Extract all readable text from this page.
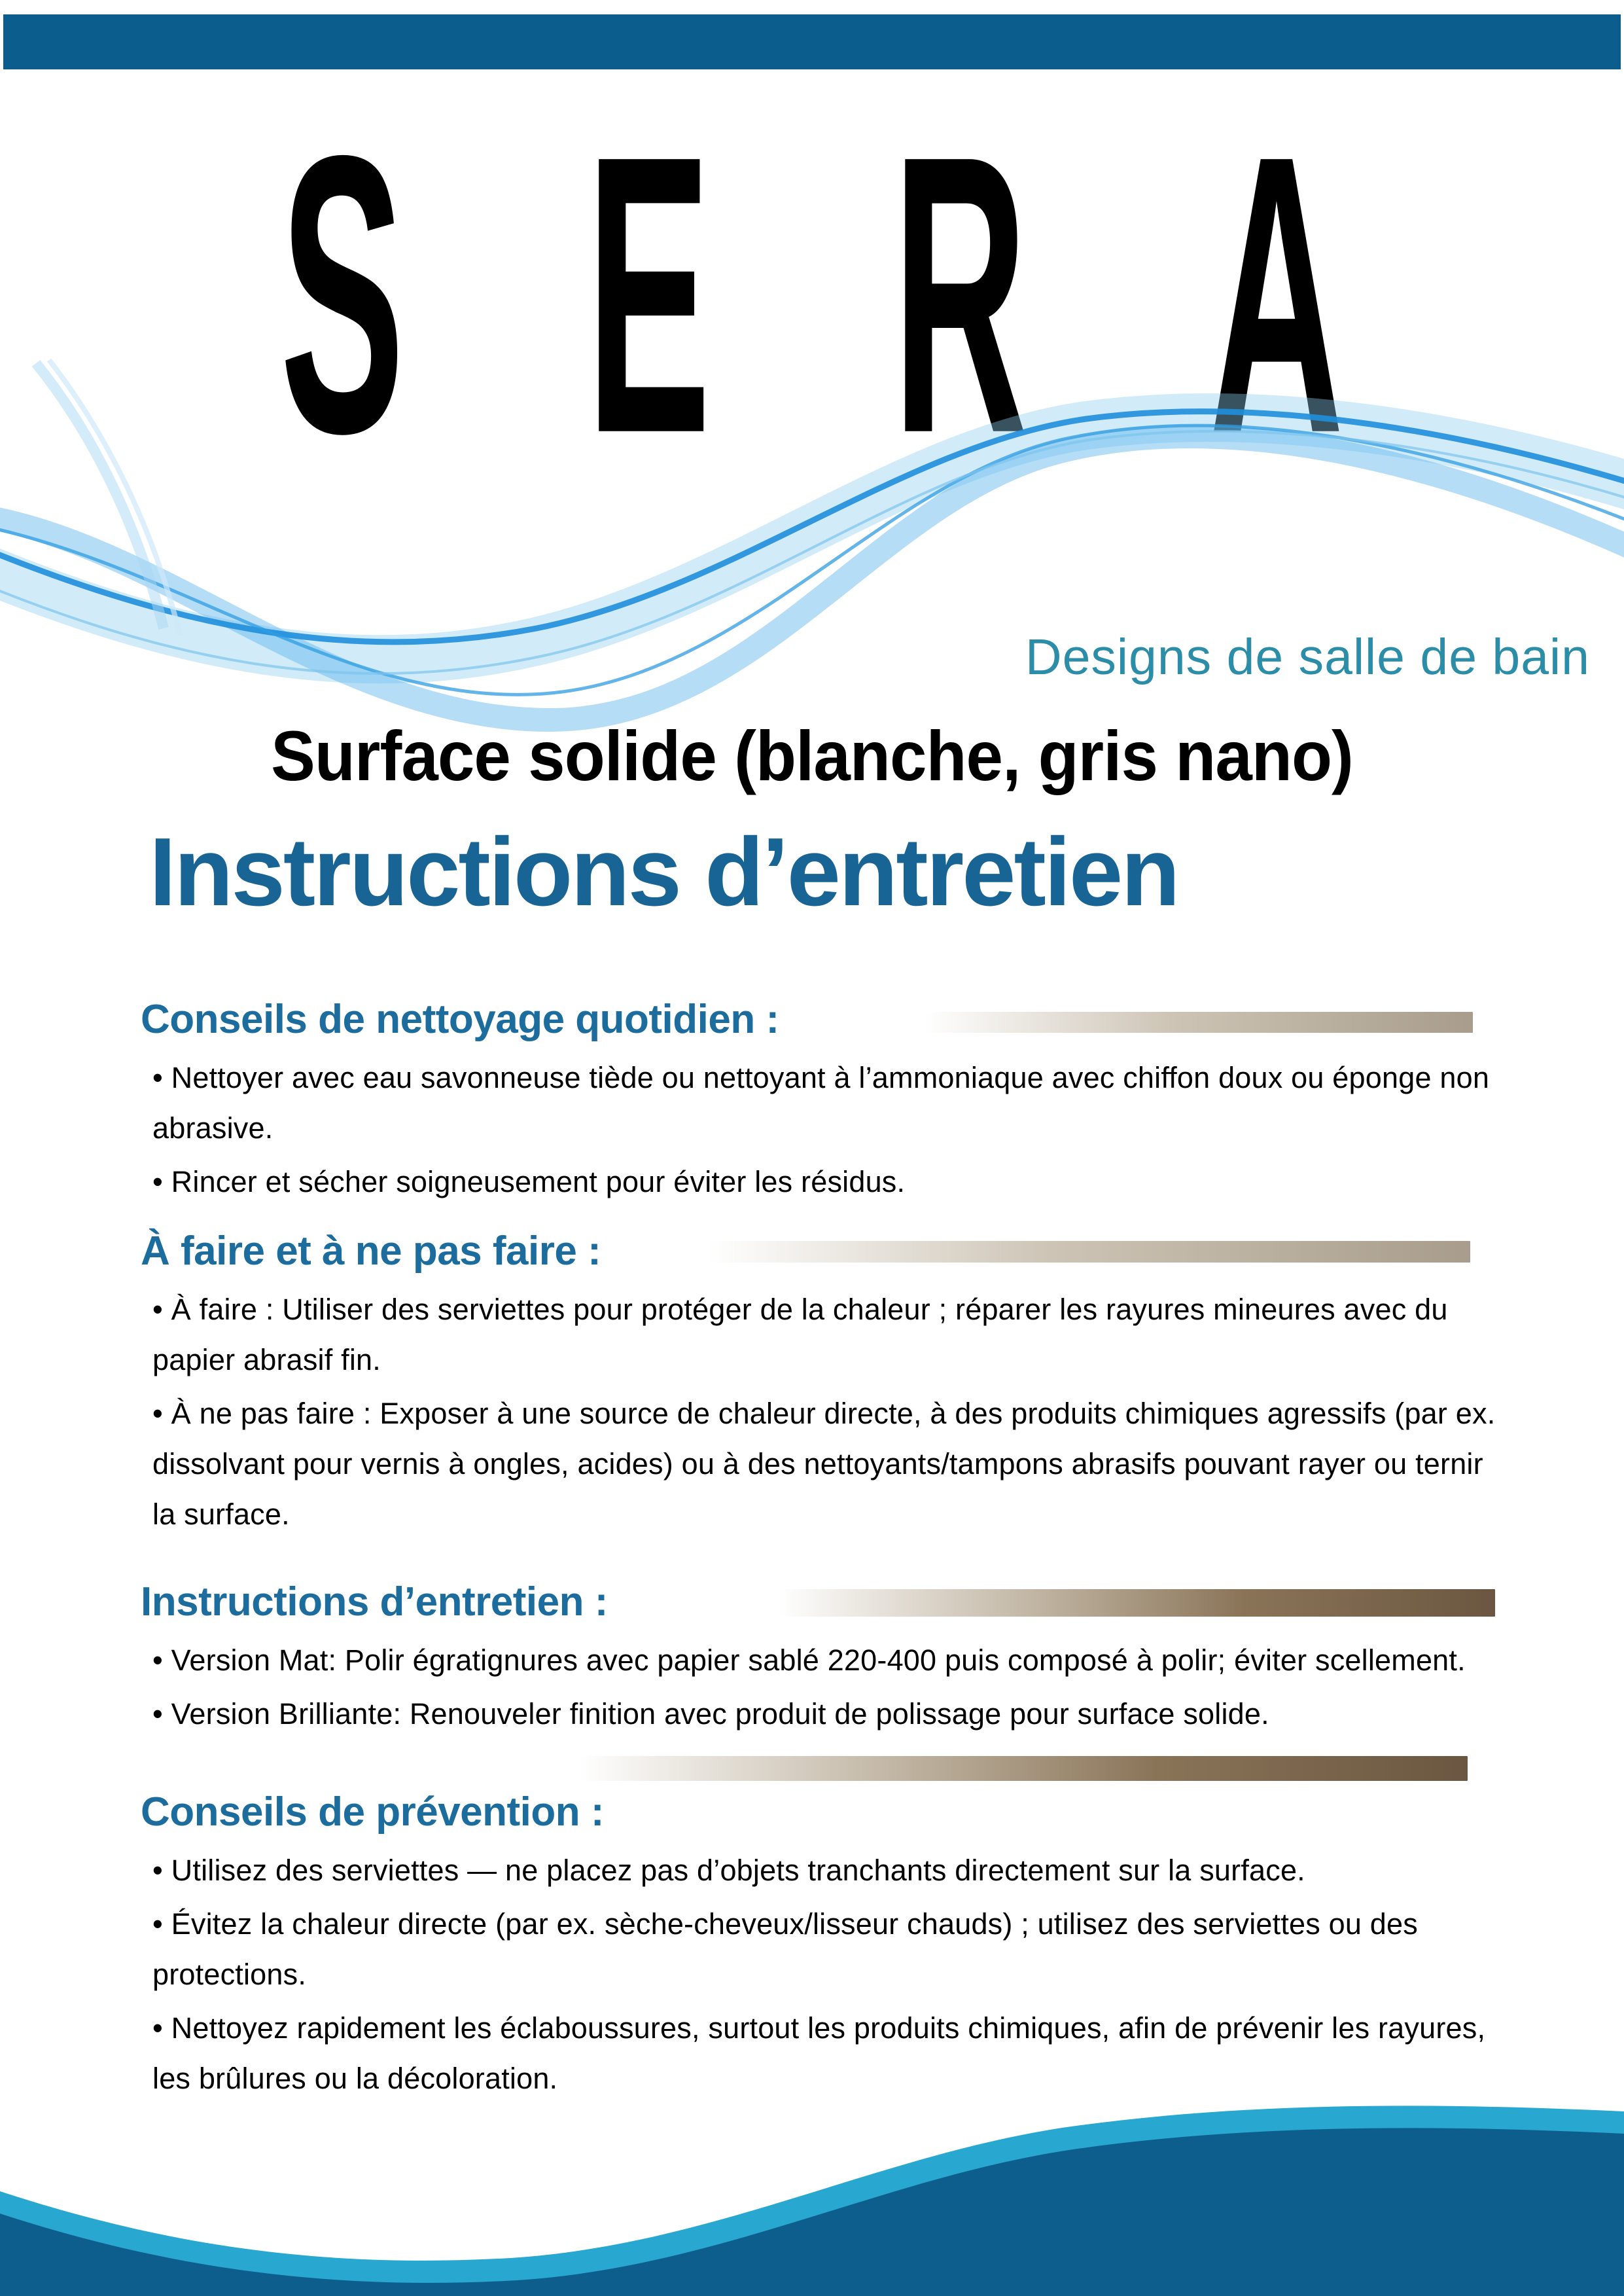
S E R A
Designs de salle de bain
Surface solide (blanche, gris nano)
Instructions d’entretien
Conseils de nettoyage quotidien :

• Nettoyer avec eau savonneuse tiède ou nettoyant à l’ammoniaque avec chiffon doux ou éponge non abrasive.

• Rincer et sécher soigneusement pour éviter les résidus.

À faire et à ne pas faire :

• À faire : Utiliser des serviettes pour protéger de la chaleur ; réparer les rayures mineures avec du papier abrasif fin.

• À ne pas faire : Exposer à une source de chaleur directe, à des produits chimiques agressifs (par ex. dissolvant pour vernis à ongles, acides) ou à des nettoyants/tampons abrasifs pouvant rayer ou ternir la surface.

Instructions d’entretien :

• Version Mat: Polir égratignures avec papier sablé 220-400 puis composé à polir; éviter scellement.

• Version Brilliante: Renouveler finition avec produit de polissage pour surface solide.

Conseils de prévention :

• Utilisez des serviettes — ne placez pas d’objets tranchants directement sur la surface.

• Évitez la chaleur directe (par ex. sèche-cheveux/lisseur chauds) ; utilisez des serviettes ou des protections.

• Nettoyez rapidement les éclaboussures, surtout les produits chimiques, afin de prévenir les rayures, les brûlures ou la décoloration.
